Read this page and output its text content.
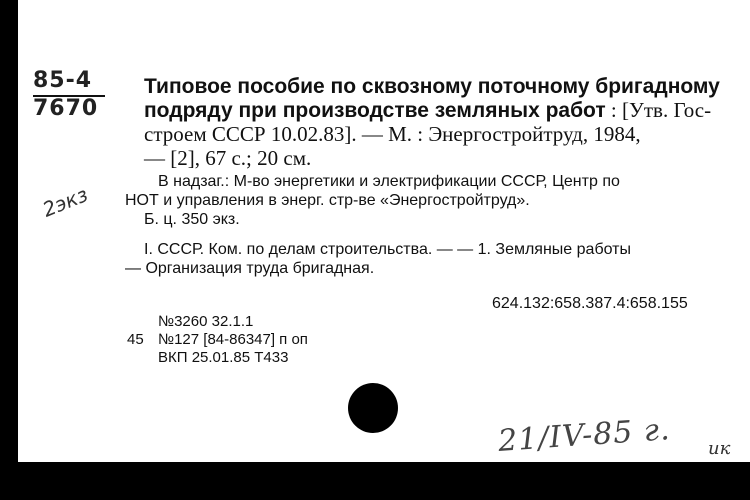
85-4
7670
2экз
Типовое пособие по сквозному поточному бригадному
подряду при производстве земляных работ : [Утв. Гос-
строем СССР 10.02.83]. — М. : Энергостройтруд, 1984,
— [2], 67 с.; 20 см.
В надзаг.: М-во энергетики и электрификации СССР, Центр по
НОТ и управления в энерг. стр-ве «Энергостройтруд».
Б. ц. 350 экз.
I. СССР. Ком. по делам строительства. — — 1. Земляные работы
— Организация труда бригадная.
624.132:658.387.4:658.155
№3260 32.1.1
45 №127 [84-86347] п оп
ВКП 25.01.85 Т433
21/IV-85 г. ик
